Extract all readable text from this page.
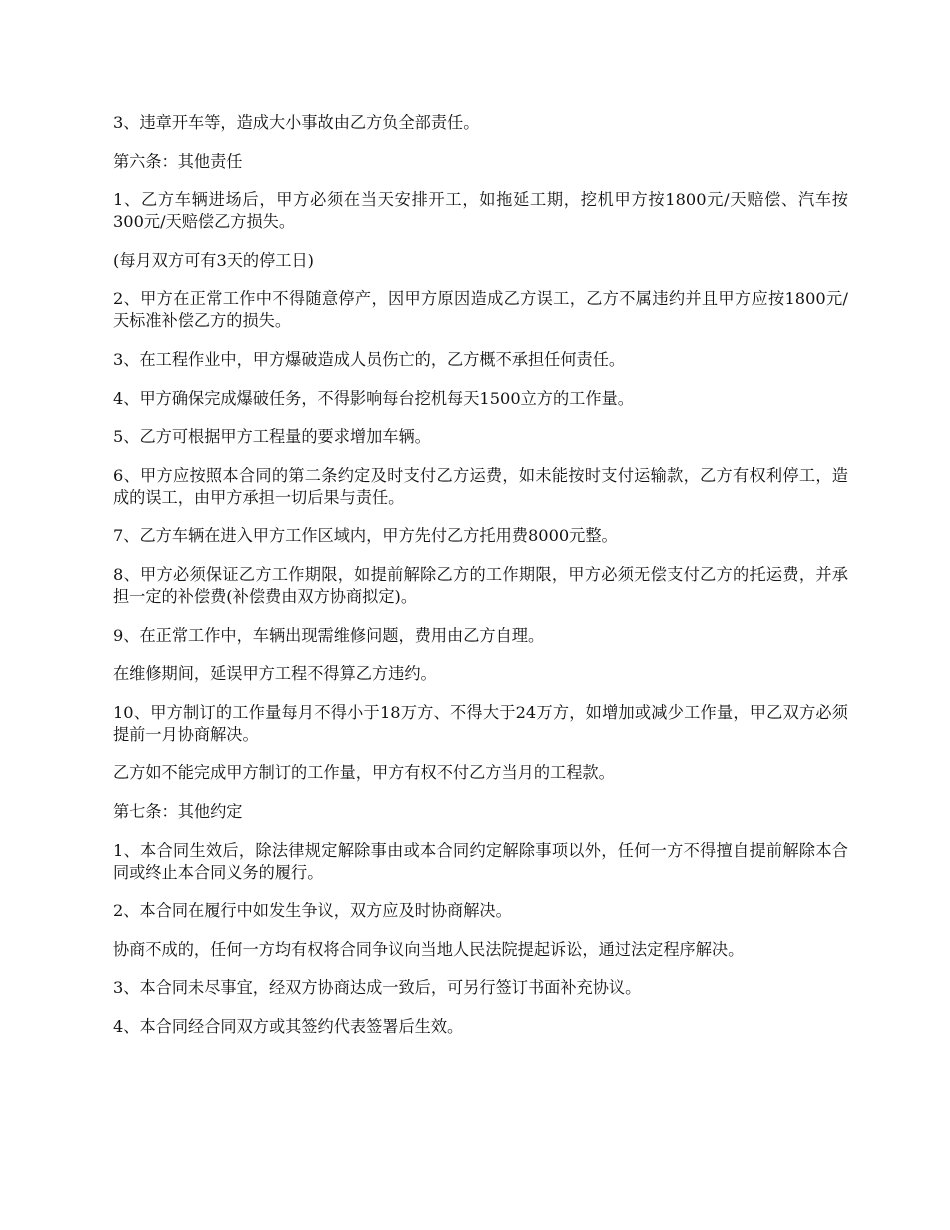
3、违章开车等，造成大小事故由乙方负全部责任。

第六条：其他责任

1、乙方车辆进场后，甲方必须在当天安排开工，如拖延工期，挖机甲方按1800元/天赔偿、汽车按300元/天赔偿乙方损失。

(每月双方可有3天的停工日)

2、甲方在正常工作中不得随意停产，因甲方原因造成乙方误工，乙方不属违约并且甲方应按1800元/天标准补偿乙方的损失。

3、在工程作业中，甲方爆破造成人员伤亡的，乙方概不承担任何责任。

4、甲方确保完成爆破任务，不得影响每台挖机每天1500立方的工作量。

5、乙方可根据甲方工程量的要求增加车辆。

6、甲方应按照本合同的第二条约定及时支付乙方运费，如未能按时支付运输款，乙方有权利停工，造成的误工，由甲方承担一切后果与责任。

7、乙方车辆在进入甲方工作区域内，甲方先付乙方托用费8000元整。

8、甲方必须保证乙方工作期限，如提前解除乙方的工作期限，甲方必须无偿支付乙方的托运费，并承担一定的补偿费(补偿费由双方协商拟定)。

9、在正常工作中，车辆出现需维修问题，费用由乙方自理。

在维修期间，延误甲方工程不得算乙方违约。

10、甲方制订的工作量每月不得小于18万方、不得大于24万方，如增加或减少工作量，甲乙双方必须提前一月协商解决。

乙方如不能完成甲方制订的工作量，甲方有权不付乙方当月的工程款。

第七条：其他约定

1、本合同生效后，除法律规定解除事由或本合同约定解除事项以外，任何一方不得擅自提前解除本合同或终止本合同义务的履行。

2、本合同在履行中如发生争议，双方应及时协商解决。

协商不成的，任何一方均有权将合同争议向当地人民法院提起诉讼，通过法定程序解决。

3、本合同未尽事宜，经双方协商达成一致后，可另行签订书面补充协议。

4、本合同经合同双方或其签约代表签署后生效。
